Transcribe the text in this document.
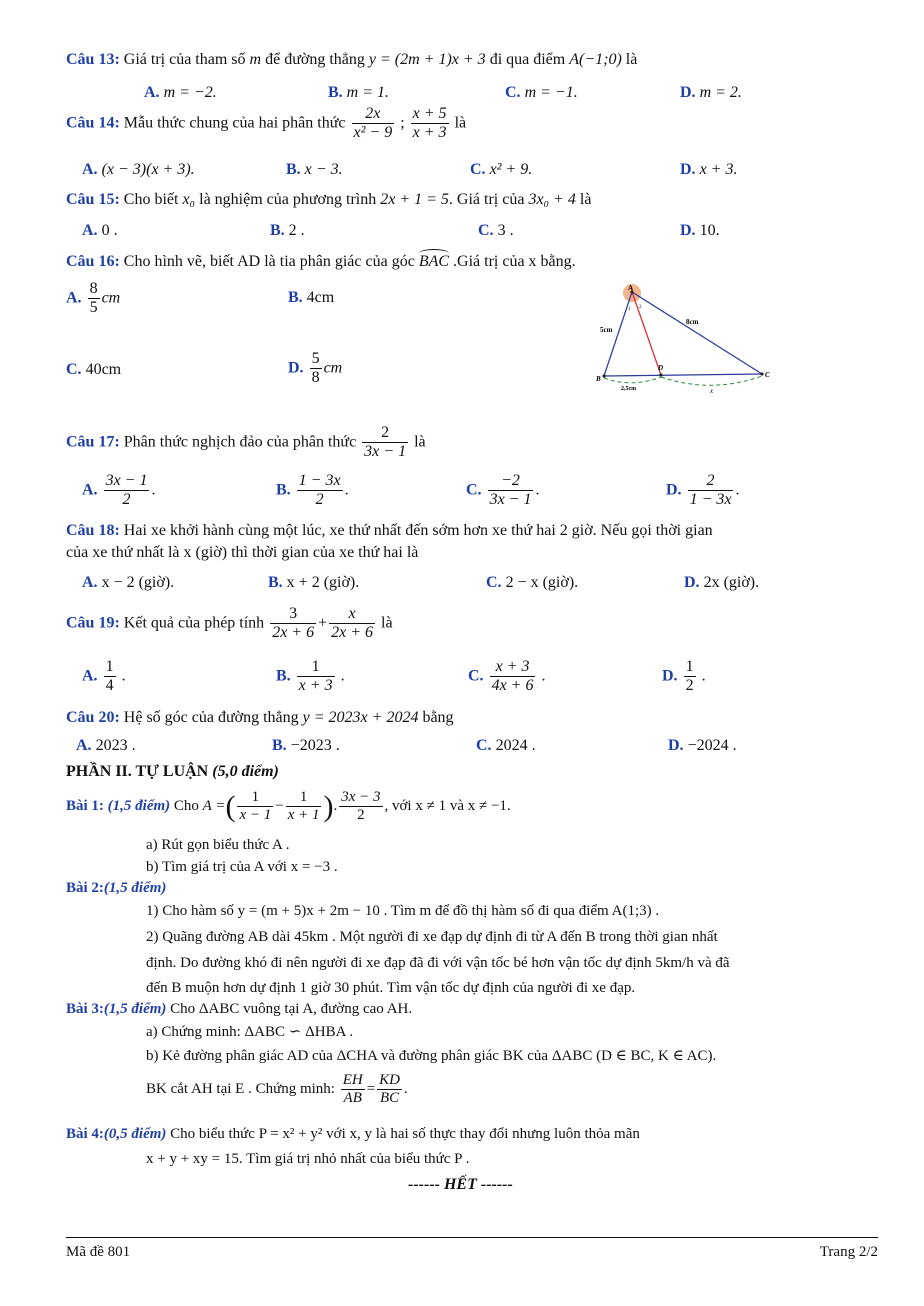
Câu 13: Giá trị của tham số m để đường thẳng y = (2m + 1)x + 3 đi qua điểm A(−1;0) là
A. m = −2.	B. m = 1.	C. m = −1.	D. m = 2.
Câu 14: Mẫu thức chung của hai phân thức $\frac{2x}{\text{x² − 9}}$ ; $\frac{x + 5}{x + 3}$ là
A. (x − 3)(x + 3).	B. x − 3.	C. x² + 9.	D. x + 3.
Câu 15: Cho biết x₀ là nghiệm của phương trình 2x + 1 = 5. Giá trị của 3x₀ + 4 là
A. 0 .	B. 2 .	C. 3 .	D. 10.
Câu 16: Cho hình vẽ, biết AD là tia phân giác của góc BAC .Giá trị của x bằng.
A. $\frac{8}{5}$ cm	B. 4cm
C. 40cm	D. $\frac{5}{8}$ cm
A
B
D
C
1 2
5cm
8cm
2,5cm	x
Câu 17: Phân thức nghịch đảo của phân thức $\frac{2}{3x - 1}$ là
A. $\frac{3x - 1}{2}$ .	B. $\frac{1 - 3x}{2}$ .	C. $\frac{-2}{3x - 1}$ .	D. $\frac{2}{1 - 3x}$ .
Câu 18: Hai xe khởi hành cùng một lúc, xe thứ nhất đến sớm hơn xe thứ hai 2 giờ. Nếu gọi thời gian
của xe thứ nhất là x (giờ) thì thời gian của xe thứ hai là
A. x − 2 (giờ).	B. x + 2 (giờ).	C. 2 − x (giờ).	D. 2x (giờ).
Câu 19: Kết quả của phép tính $\frac{3}{2x + 6} + \frac{x}{2x + 6}$ là
A. $\frac{1}{4}$ .	B. $\frac{1}{x + 3}$ .	C. $\frac{x + 3}{4x + 6}$ .	D. $\frac{1}{2}$ .
Câu 20: Hệ số góc của đường thẳng y = 2023x + 2024 bằng
A. 2023 .	B. −2023 .	C. 2024 .	D. −2024 .
PHẦN II. TỰ LUẬN (5,0 điểm)
Bài 1: (1,5 điểm) Cho A =( $\frac{1}{x - 1} - \frac{1}{x + 1}$ ). $\frac{3x - 3}{2}$ , với x ≠ 1 và x ≠ −1.
a) Rút gọn biểu thức A .
b) Tìm giá trị của A với x = −3 .
Bài 2:(1,5 điểm)
1) Cho hàm số y = (m + 5)x + 2m − 10 . Tìm m để đồ thị hàm số đi qua điểm A(1;3) .
2) Quãng đường AB dài 45km . Một người đi xe đạp dự định đi từ A đến B trong thời gian nhất
định. Do đường khó đi nên người đi xe đạp đã đi với vận tốc bé hơn vận tốc dự định 5km/h và đã
đến B muộn hơn dự định 1 giờ 30 phút. Tìm vận tốc dự định của người đi xe đạp.
Bài 3:(1,5 điểm) Cho ΔABC vuông tại A, đường cao AH.
a) Chứng minh: ΔABC ∽ ΔHBA .
b) Kẻ đường phân giác AD của ΔCHA và đường phân giác BK của ΔABC (D ∈ BC, K ∈ AC).
BK cắt AH tại E . Chứng minh: $\frac{EH}{AB} = \frac{KD}{BC}$ .
Bài 4:(0,5 điểm) Cho biểu thức P = x² + y² với x, y là hai số thực thay đổi nhưng luôn thỏa mãn
x + y + xy = 15. Tìm giá trị nhỏ nhất của biểu thức P .
------ HẾT ------
Mã đề 801	Trang 2/2
